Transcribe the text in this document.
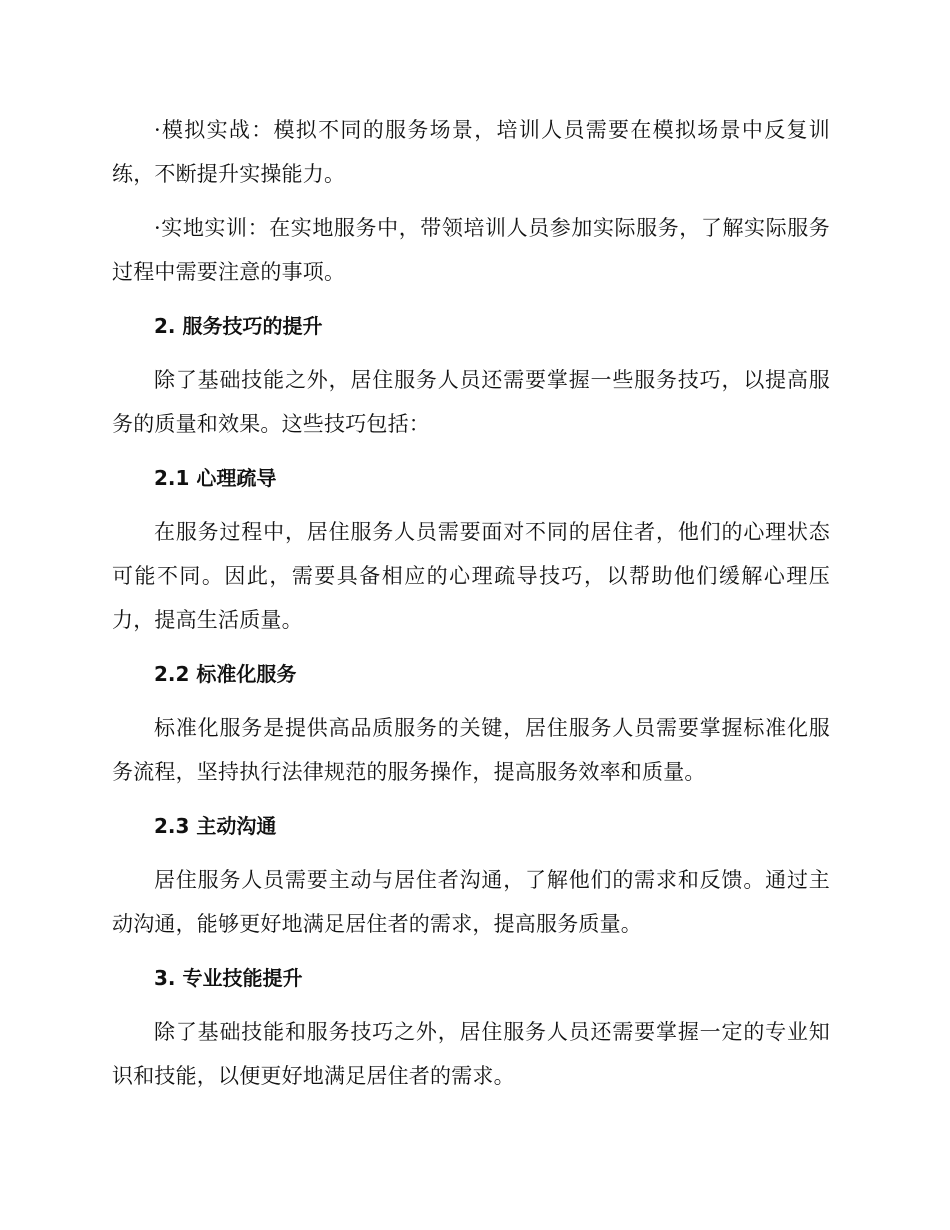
·模拟实战：模拟不同的服务场景，培训人员需要在模拟场景中反复训练，不断提升实操能力。

·实地实训：在实地服务中，带领培训人员参加实际服务，了解实际服务过程中需要注意的事项。

2. 服务技巧的提升

除了基础技能之外，居住服务人员还需要掌握一些服务技巧，以提高服务的质量和效果。这些技巧包括：

2.1 心理疏导

在服务过程中，居住服务人员需要面对不同的居住者，他们的心理状态可能不同。因此，需要具备相应的心理疏导技巧，以帮助他们缓解心理压力，提高生活质量。

2.2 标准化服务

标准化服务是提供高品质服务的关键，居住服务人员需要掌握标准化服务流程，坚持执行法律规范的服务操作，提高服务效率和质量。

2.3 主动沟通

居住服务人员需要主动与居住者沟通，了解他们的需求和反馈。通过主动沟通，能够更好地满足居住者的需求，提高服务质量。

3. 专业技能提升

除了基础技能和服务技巧之外，居住服务人员还需要掌握一定的专业知识和技能，以便更好地满足居住者的需求。
